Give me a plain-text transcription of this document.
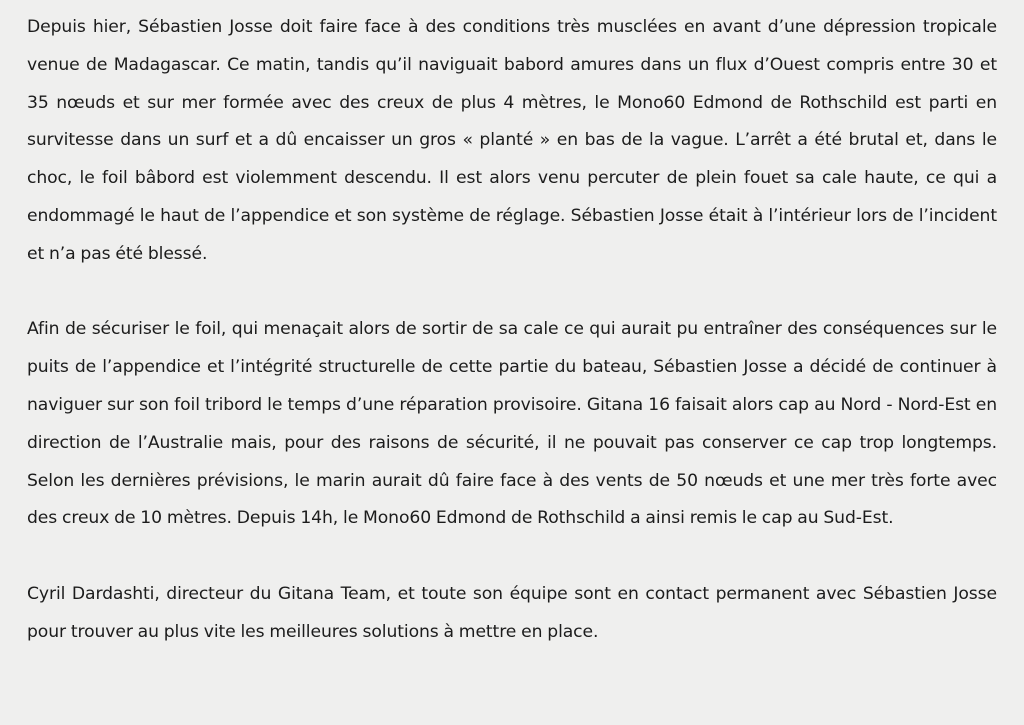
Depuis hier, Sébastien Josse doit faire face à des conditions très musclées en avant d’une dépression tropicale venue de Madagascar. Ce matin, tandis qu’il naviguait babord amures dans un flux d’Ouest compris entre 30 et 35 nœuds et sur mer formée avec des creux de plus 4 mètres, le Mono60 Edmond de Rothschild est parti en survitesse dans un surf et a dû encaisser un gros « planté » en bas de la vague. L’arrêt a été brutal et, dans le choc, le foil bâbord est violemment descendu. Il est alors venu percuter de plein fouet sa cale haute, ce qui a endommagé le haut de l’appendice et son système de réglage. Sébastien Josse était à l’intérieur lors de l’incident et n’a pas été blessé.

Afin de sécuriser le foil, qui menaçait alors de sortir de sa cale ce qui aurait pu entraîner des conséquences sur le puits de l’appendice et l’intégrité structurelle de cette partie du bateau, Sébastien Josse a décidé de continuer à naviguer sur son foil tribord le temps d’une réparation provisoire. Gitana 16 faisait alors cap au Nord - Nord-Est en direction de l’Australie mais, pour des raisons de sécurité, il ne pouvait pas conserver ce cap trop longtemps. Selon les dernières prévisions, le marin aurait dû faire face à des vents de 50 nœuds et une mer très forte avec des creux de 10 mètres. Depuis 14h, le Mono60 Edmond de Rothschild a ainsi remis le cap au Sud-Est.

Cyril Dardashti, directeur du Gitana Team, et toute son équipe sont en contact permanent avec Sébastien Josse pour trouver au plus vite les meilleures solutions à mettre en place.
